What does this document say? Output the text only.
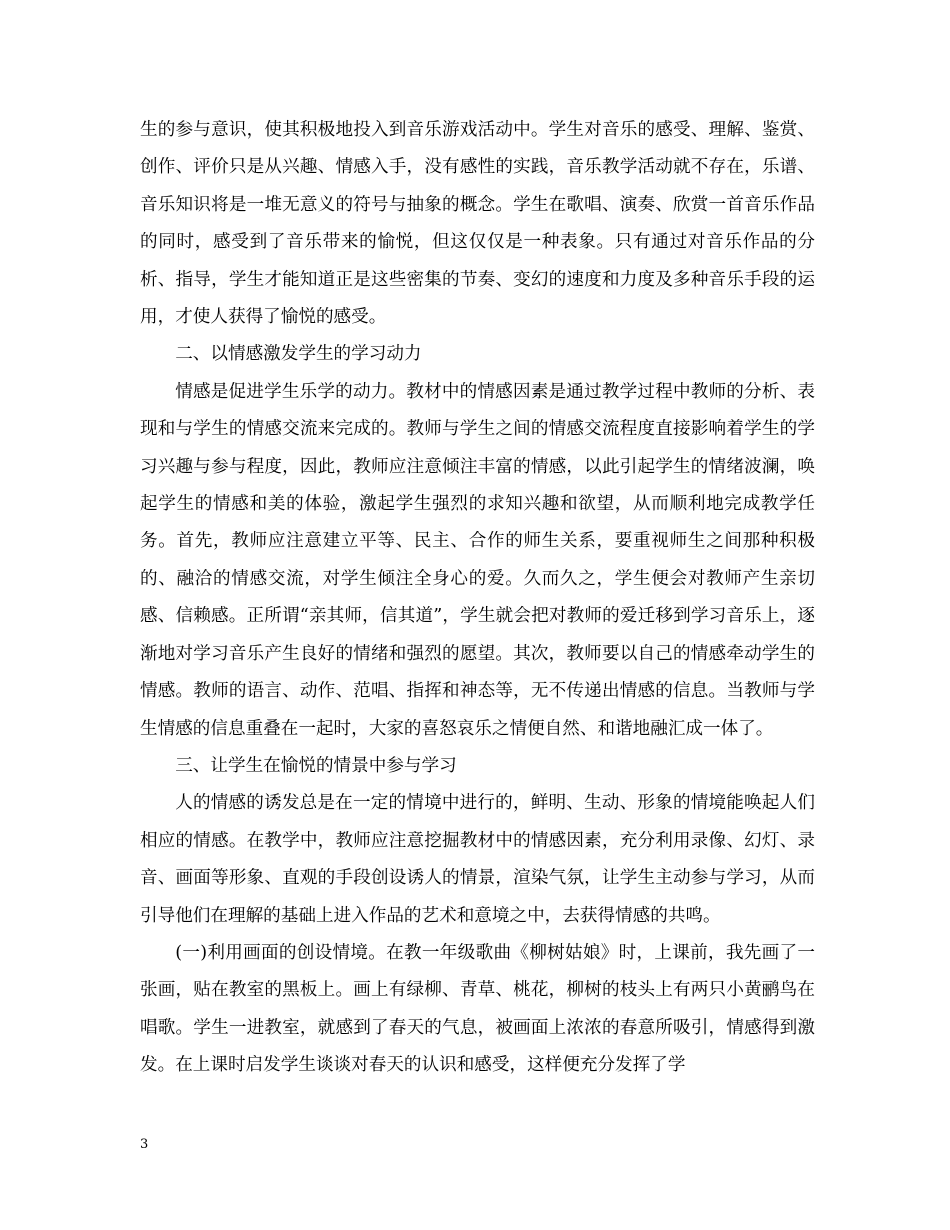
生的参与意识，使其积极地投入到音乐游戏活动中。学生对音乐的感受、理解、鉴赏、创作、评价只是从兴趣、情感入手，没有感性的实践，音乐教学活动就不存在，乐谱、音乐知识将是一堆无意义的符号与抽象的概念。学生在歌唱、演奏、欣赏一首音乐作品的同时，感受到了音乐带来的愉悦，但这仅仅是一种表象。只有通过对音乐作品的分析、指导，学生才能知道正是这些密集的节奏、变幻的速度和力度及多种音乐手段的运用，才使人获得了愉悦的感受。

二、以情感激发学生的学习动力

情感是促进学生乐学的动力。教材中的情感因素是通过教学过程中教师的分析、表现和与学生的情感交流来完成的。教师与学生之间的情感交流程度直接影响着学生的学习兴趣与参与程度，因此，教师应注意倾注丰富的情感，以此引起学生的情绪波澜，唤起学生的情感和美的体验，激起学生强烈的求知兴趣和欲望，从而顺利地完成教学任务。首先，教师应注意建立平等、民主、合作的师生关系，要重视师生之间那种积极的、融洽的情感交流，对学生倾注全身心的爱。久而久之，学生便会对教师产生亲切感、信赖感。正所谓“亲其师，信其道”，学生就会把对教师的爱迁移到学习音乐上，逐渐地对学习音乐产生良好的情绪和强烈的愿望。其次，教师要以自己的情感牵动学生的情感。教师的语言、动作、范唱、指挥和神态等，无不传递出情感的信息。当教师与学生情感的信息重叠在一起时，大家的喜怒哀乐之情便自然、和谐地融汇成一体了。

三、让学生在愉悦的情景中参与学习

人的情感的诱发总是在一定的情境中进行的，鲜明、生动、形象的情境能唤起人们相应的情感。在教学中，教师应注意挖掘教材中的情感因素，充分利用录像、幻灯、录音、画面等形象、直观的手段创设诱人的情景，渲染气氛，让学生主动参与学习，从而引导他们在理解的基础上进入作品的艺术和意境之中，去获得情感的共鸣。

(一)利用画面的创设情境。在教一年级歌曲《柳树姑娘》时，上课前，我先画了一张画，贴在教室的黑板上。画上有绿柳、青草、桃花，柳树的枝头上有两只小黄鹂鸟在唱歌。学生一进教室，就感到了春天的气息，被画面上浓浓的春意所吸引，情感得到激发。在上课时启发学生谈谈对春天的认识和感受，这样便充分发挥了学

3
